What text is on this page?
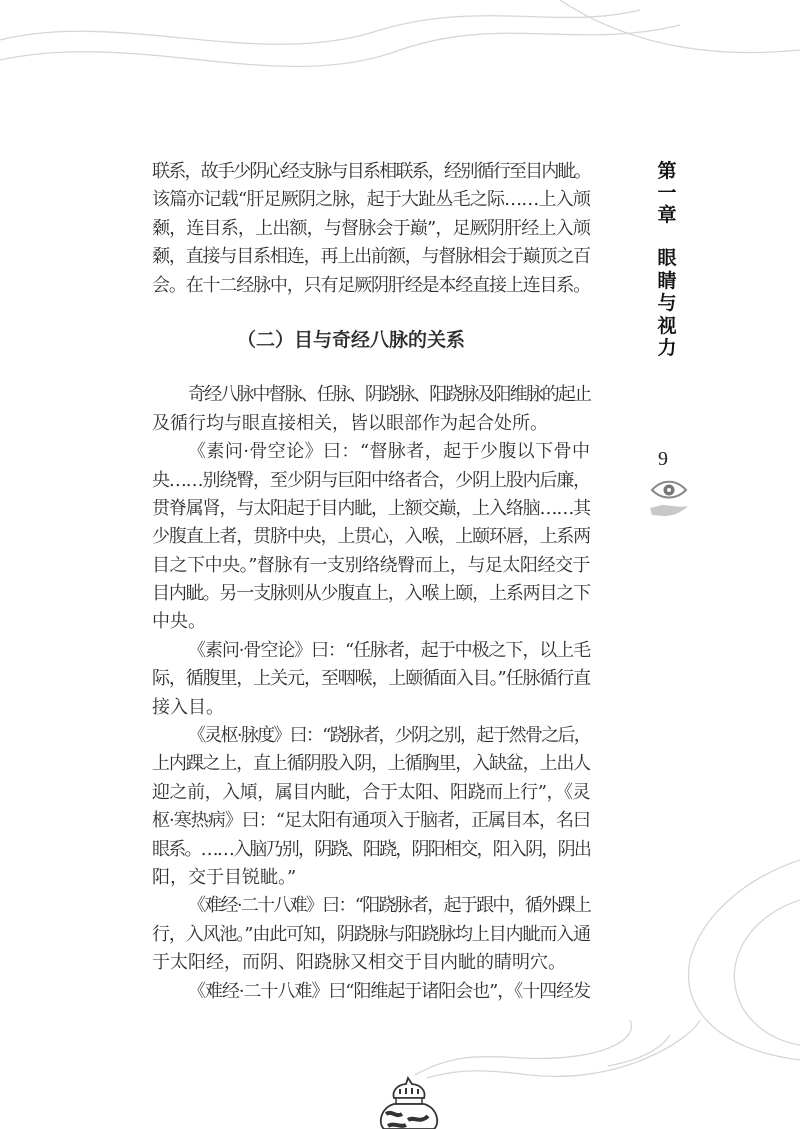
第
一
章
眼
睛
与
视
力
9
联系，故手少阴心经支脉与目系相联系，经别循行至目内眦。
该篇亦记载“肝足厥阴之脉，起于大趾丛毛之际……上入颃
颡，连目系，上出额，与督脉会于巅”，足厥阴肝经上入颃
颡，直接与目系相连，再上出前额，与督脉相会于巅顶之百
会。在十二经脉中，只有足厥阴肝经是本经直接上连目系。
（二）目与奇经八脉的关系
奇经八脉中督脉、任脉、阴跷脉、阳跷脉及阳维脉的起止
及循行均与眼直接相关，皆以眼部作为起合处所。
《素问·骨空论》曰：“督脉者，起于少腹以下骨中
央……别绕臀，至少阴与巨阳中络者合，少阴上股内后廉，
贯脊属肾，与太阳起于目内眦，上额交巅，上入络脑……其
少腹直上者，贯脐中央，上贯心，入喉，上颐环唇，上系两
目之下中央。”督脉有一支别络绕臀而上，与足太阳经交于
目内眦。另一支脉则从少腹直上，入喉上颐，上系两目之下
中央。
《素问·骨空论》曰：“任脉者，起于中极之下，以上毛
际，循腹里，上关元，至咽喉，上颐循面入目。”任脉循行直
接入目。
《灵枢·脉度》曰：“跷脉者，少阴之别，起于然骨之后，
上内踝之上，直上循阴股入阴，上循胸里，入缺盆，上出人
迎之前，入頄，属目内眦，合于太阳、阳跷而上行”，《灵
枢·寒热病》曰：“足太阳有通项入于脑者，正属目本，名曰
眼系。……入脑乃别，阴跷、阳跷，阴阳相交，阳入阴，阴出
阳，交于目锐眦。”
《难经·二十八难》曰：“阳跷脉者，起于跟中，循外踝上
行，入风池。”由此可知，阴跷脉与阳跷脉均上目内眦而入通
于太阳经，而阴、阳跷脉又相交于目内眦的睛明穴。
《难经·二十八难》曰“阳维起于诸阳会也”，《十四经发
